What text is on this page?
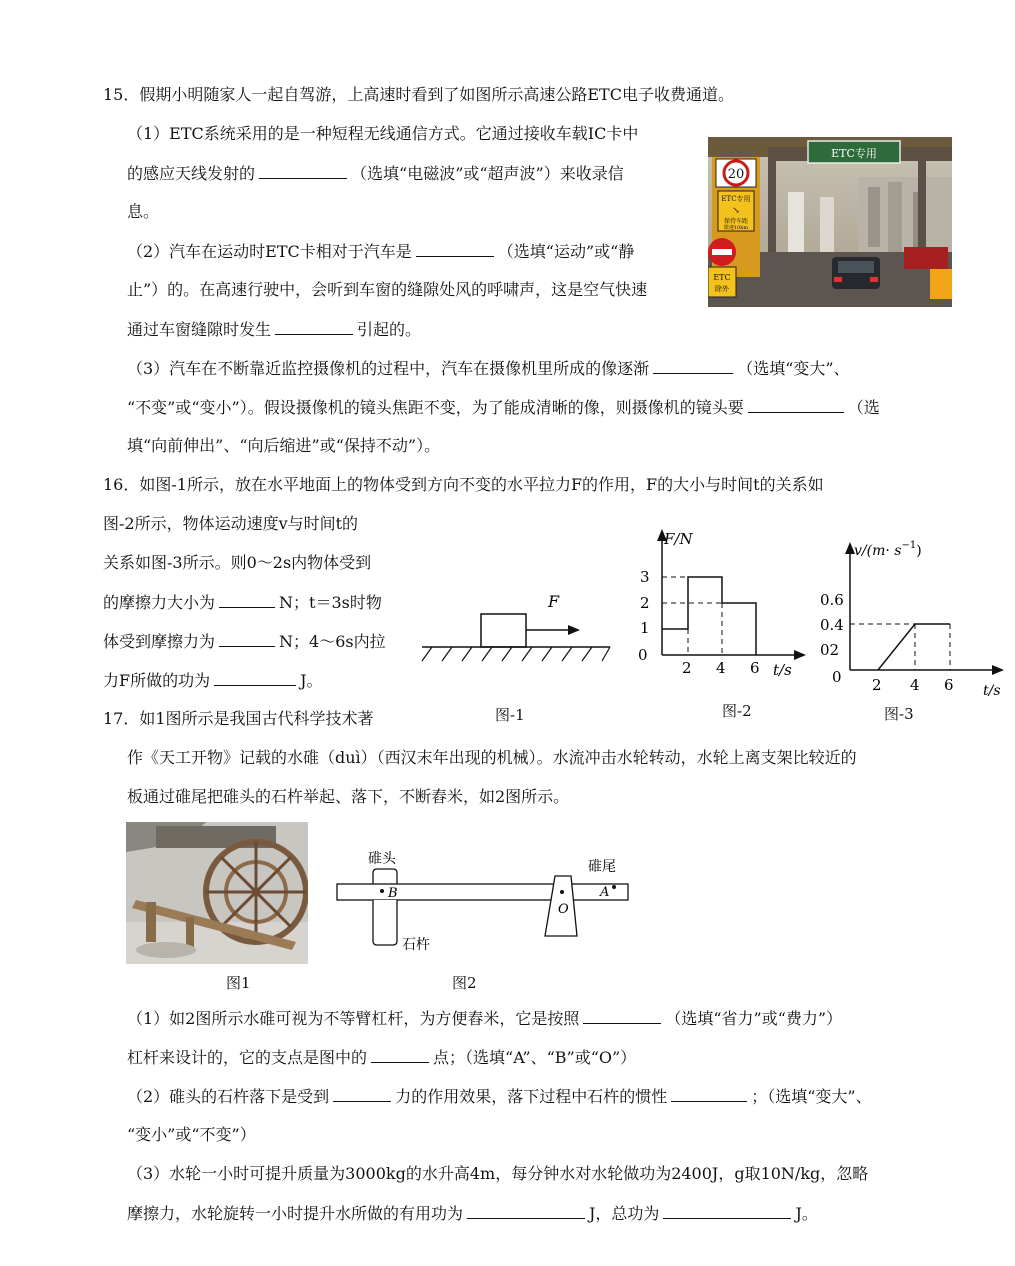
15．假期小明随家人一起自驾游，上高速时看到了如图所示高速公路ETC电子收费通道。
（1）ETC系统采用的是一种短程无线通信方式。它通过接收车载IC卡中
的感应天线发射的	（选填“电磁波”或“超声波”）来收录信
息。
（2）汽车在运动时ETC卡相对于汽车是	（选填“运动”或“静
止”）的。在高速行驶中，会听到车窗的缝隙处风的呼啸声，这是空气快速
通过车窗缝隙时发生	引起的。
（3）汽车在不断靠近监控摄像机的过程中，汽车在摄像机里所成的像逐渐	（选填“变大”、
“不变”或“变小”）。假设摄像机的镜头焦距不变，为了能成清晰的像，则摄像机的镜头要	（选
填“向前伸出”、“向后缩进”或“保持不动”）。
ETC专用
20
ETC专用
↘
保持车距
限速10km
ETC
除外
16．如图-1所示，放在水平地面上的物体受到方向不变的水平拉力F的作用，F的大小与时间t的关系如
图-2所示，物体运动速度v与时间t的
关系如图-3所示。则0～2s内物体受到
的摩擦力大小为	N；t＝3s时物
体受到摩擦力为	N；4～6s内拉
力F所做的功为	J。
F
图-1
F/N
t/s
0
1
2
3
2 4 6
图-2
$v/(m\cdot s^{-1})$
t/s
0
02
0.4
0.6
2 4 6
图-3
17．如1图所示是我国古代科学技术著
作《天工开物》记载的水碓（duì）（西汉末年出现的机械）。水流冲击水轮转动，水轮上离支架比较近的
板通过碓尾把碓头的石杵举起、落下，不断舂米，如2图所示。
图1
碓头	碓尾
B
O
A
石杵
图2
（1）如2图所示水碓可视为不等臂杠杆，为方便舂米，它是按照	（选填“省力”或“费力”）
杠杆来设计的，它的支点是图中的	点；（选填“A”、“B”或“O”）
（2）碓头的石杵落下是受到	力的作用效果，落下过程中石杵的惯性	；（选填“变大”、
“变小”或“不变”）
（3）水轮一小时可提升质量为3000kg的水升高4m，每分钟水对水轮做功为2400J，g取10N/kg，忽略
摩擦力，水轮旋转一小时提升水所做的有用功为	J，总功为	J。
